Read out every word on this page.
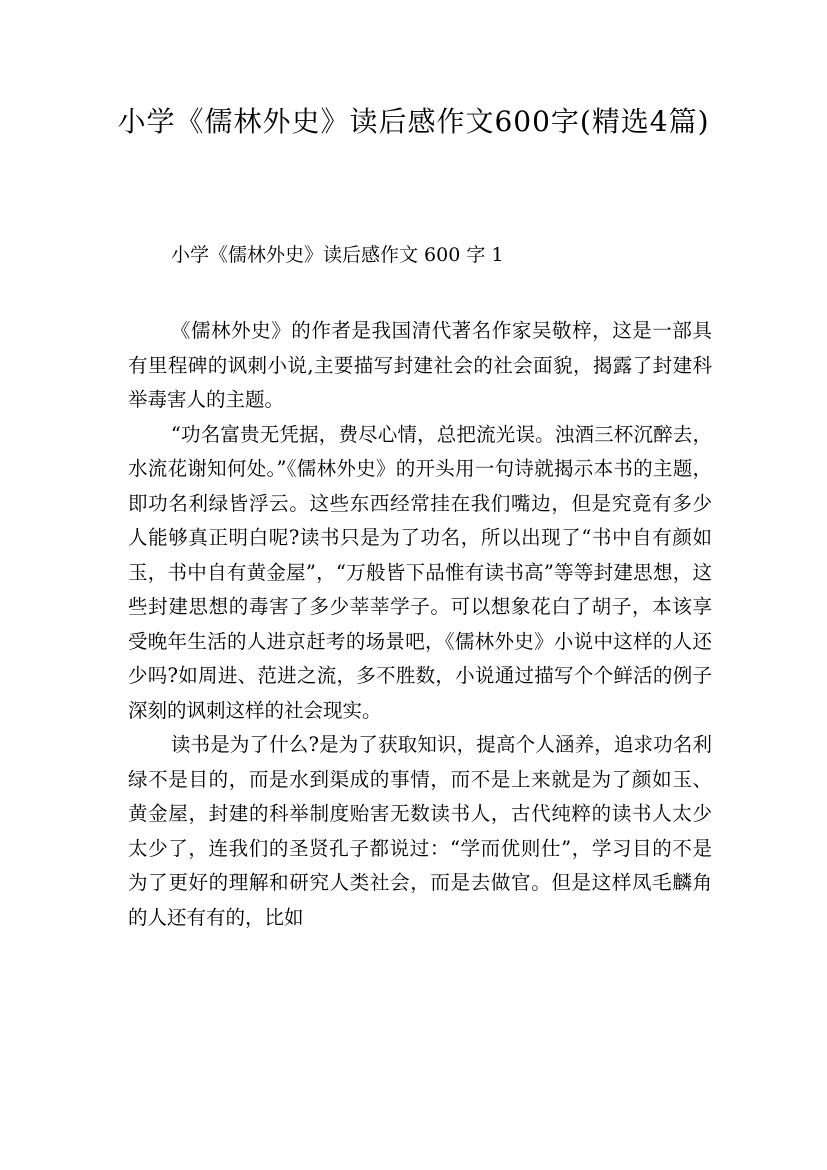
小学《儒林外史》读后感作文600字(精选4篇)
小学《儒林外史》读后感作文 600 字 1

《儒林外史》的作者是我国清代著名作家吴敬梓，这是一部具有里程碑的讽刺小说,主要描写封建社会的社会面貌，揭露了封建科举毒害人的主题。

“功名富贵无凭据，费尽心情，总把流光误。浊酒三杯沉醉去，水流花谢知何处。”《儒林外史》的开头用一句诗就揭示本书的主题，即功名利绿皆浮云。这些东西经常挂在我们嘴边，但是究竟有多少人能够真正明白呢?读书只是为了功名，所以出现了“书中自有颜如玉，书中自有黄金屋”，“万般皆下品惟有读书高”等等封建思想，这些封建思想的毒害了多少莘莘学子。可以想象花白了胡子，本该享受晚年生活的人进京赶考的场景吧，《儒林外史》小说中这样的人还少吗?如周进、范进之流，多不胜数，小说通过描写个个鲜活的例子深刻的讽刺这样的社会现实。

读书是为了什么?是为了获取知识，提高个人涵养，追求功名利绿不是目的，而是水到渠成的事情，而不是上来就是为了颜如玉、黄金屋，封建的科举制度贻害无数读书人，古代纯粹的读书人太少太少了，连我们的圣贤孔子都说过：“学而优则仕”，学习目的不是为了更好的理解和研究人类社会，而是去做官。但是这样凤毛麟角的人还有有的，比如
